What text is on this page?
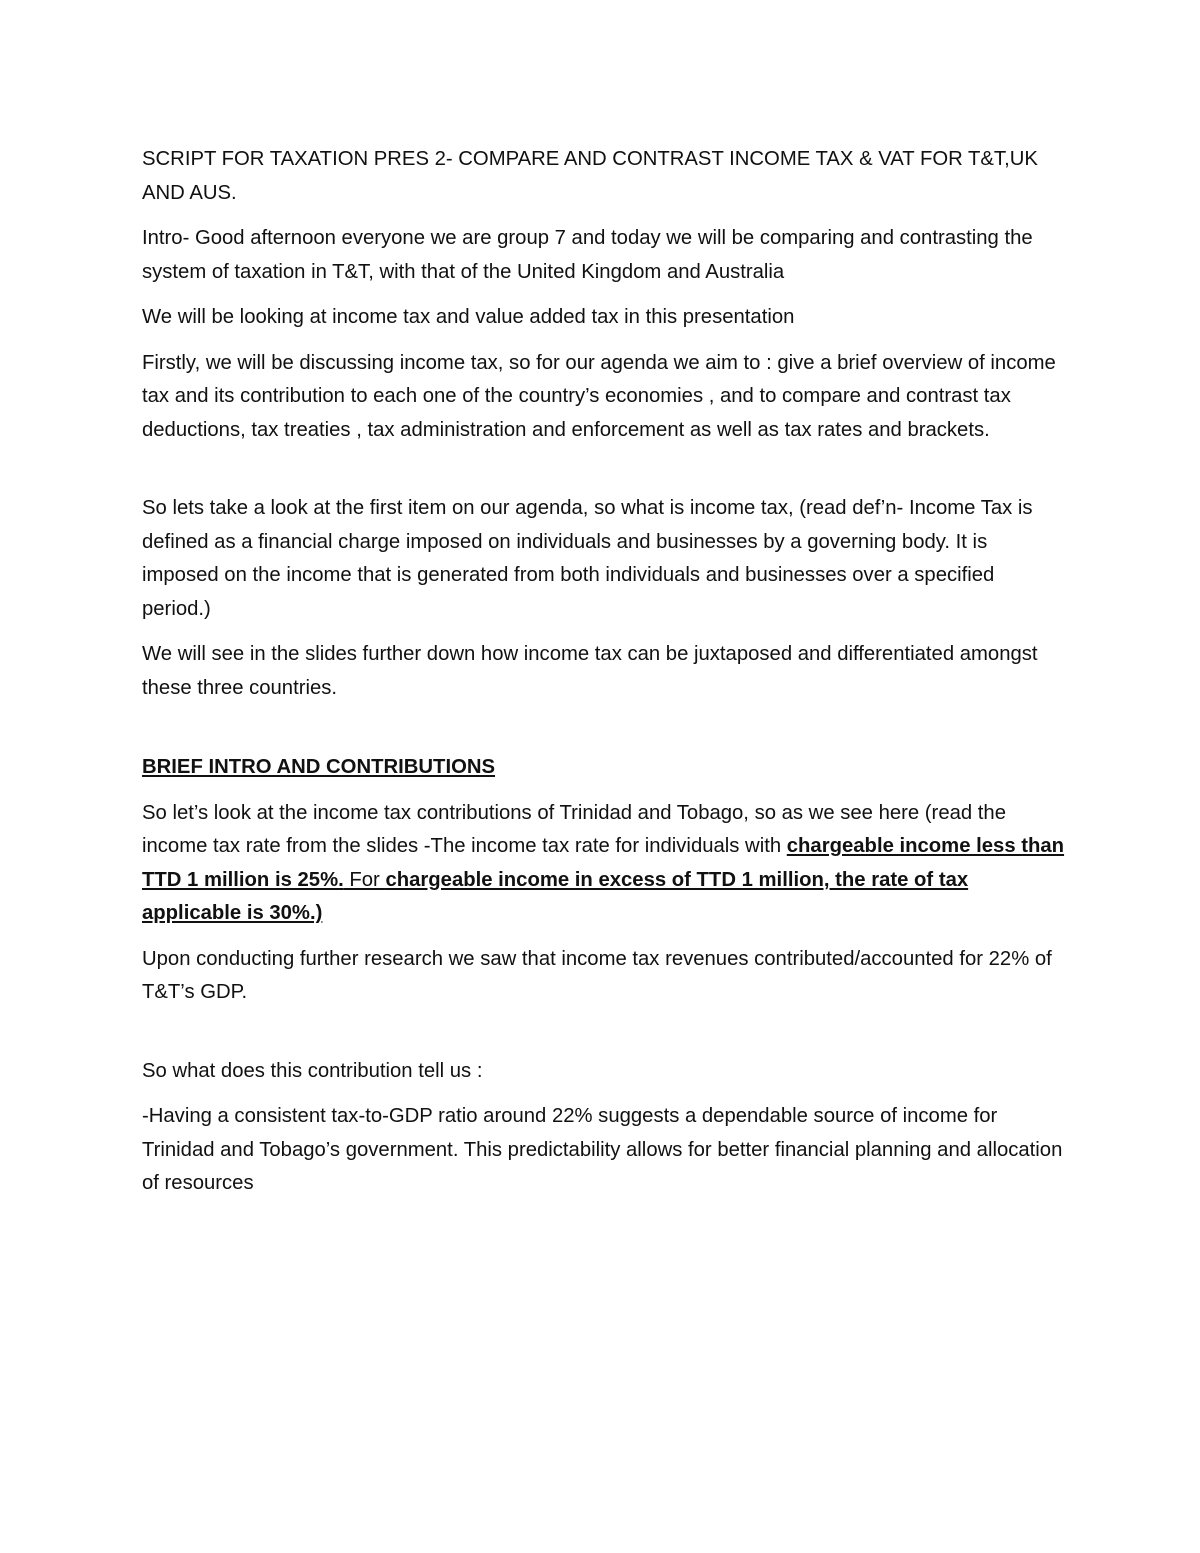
SCRIPT FOR TAXATION PRES 2- COMPARE AND CONTRAST INCOME TAX & VAT FOR T&T,UK AND AUS.

Intro- Good afternoon everyone we are group 7 and today we will be comparing and contrasting the system of taxation in T&T, with that of the United Kingdom and Australia

We will be looking at income tax and value added tax in this presentation

Firstly, we will be discussing income tax, so for our agenda we aim to : give a brief overview of income tax and its contribution to each one of the country’s economies , and to compare and contrast tax deductions, tax treaties , tax administration and enforcement as well as tax rates and brackets.

So lets take a look at the first item on our agenda, so what is income tax, (read def’n- Income Tax is defined as a financial charge imposed on individuals and businesses by a governing body. It is imposed on the income that is generated from both individuals and businesses over a specified period.)

We will see in the slides further down how income tax can be juxtaposed and differentiated amongst these three countries.

BRIEF INTRO AND CONTRIBUTIONS

So let’s look at the income tax contributions of Trinidad and Tobago, so as we see here (read the income tax rate from the slides -The income tax rate for individuals with chargeable income less than TTD 1 million is 25%. For chargeable income in excess of TTD 1 million, the rate of tax applicable is 30%.)

Upon conducting further research we saw that income tax revenues contributed/accounted for 22% of T&T’s GDP.

So what does this contribution tell us :

-Having a consistent tax-to-GDP ratio around 22% suggests a dependable source of income for Trinidad and Tobago’s government. This predictability allows for better financial planning and allocation of resources
